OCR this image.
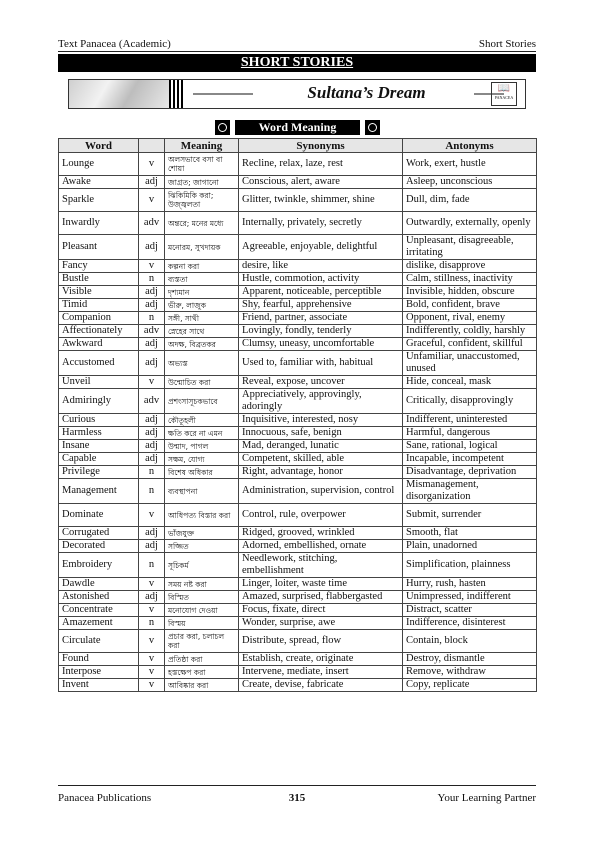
Text Panacea (Academic)	Short Stories
SHORT STORIES
Sultana’s Dream	📖
PANACEA
Word Meaning
Word		Meaning	Synonyms	Antonyms
Lounge	v	অলসভাবে বসা বা শোয়া	Recline, relax, laze, rest	Work, exert, hustle
Awake	adj	জাগ্রত; জাগানো	Conscious, alert, aware	Asleep, unconscious
Sparkle	v	ঝিকিমিকি করা; উজ্জ্বলতা	Glitter, twinkle, shimmer, shine	Dull, dim, fade
Inwardly	adv	অন্তরে; মনের মধ্যে	Internally, privately, secretly	Outwardly, externally, openly
Pleasant	adj	মনোরম, সুখদায়ক	Agreeable, enjoyable, delightful	Unpleasant, disagreeable, irritating
Fancy	v	কল্পনা করা	desire, like	dislike, disapprove
Bustle	n	ব্যস্ততা	Hustle, commotion, activity	Calm, stillness, inactivity
Visible	adj	দৃশ্যমান	Apparent, noticeable, perceptible	Invisible, hidden, obscure
Timid	adj	ভীরু, লাজুক	Shy, fearful, apprehensive	Bold, confident, brave
Companion	n	সঙ্গী, সাথী	Friend, partner, associate	Opponent, rival, enemy
Affectionately	adv	স্নেহের সাথে	Lovingly, fondly, tenderly	Indifferently, coldly, harshly
Awkward	adj	অদক্ষ, বিব্রতকর	Clumsy, uneasy, uncomfortable	Graceful, confident, skillful
Accustomed	adj	অভ্যস্ত	Used to, familiar with, habitual	Unfamiliar, unaccustomed, unused
Unveil	v	উন্মোচিত করা	Reveal, expose, uncover	Hide, conceal, mask
Admiringly	adv	প্রশংসাসূচকভাবে	Appreciatively, approvingly, adoringly	Critically, disapprovingly
Curious	adj	কৌতূহলী	Inquisitive, interested, nosy	Indifferent, uninterested
Harmless	adj	ক্ষতি করে না এমন	Innocuous, safe, benign	Harmful, dangerous
Insane	adj	উন্মাদ, পাগল	Mad, deranged, lunatic	Sane, rational, logical
Capable	adj	সক্ষম, যোগ্য	Competent, skilled, able	Incapable, incompetent
Privilege	n	বিশেষ অধিকার	Right, advantage, honor	Disadvantage, deprivation
Management	n	ব্যবস্থাপনা	Administration, supervision, control	Mismanagement, disorganization
Dominate	v	আধিপত্য বিস্তার করা	Control, rule, overpower	Submit, surrender
Corrugated	adj	ভাঁজযুক্ত	Ridged, grooved, wrinkled	Smooth, flat
Decorated	adj	সজ্জিত	Adorned, embellished, ornate	Plain, unadorned
Embroidery	n	সূচিকর্ম	Needlework, stitching, embellishment	Simplification, plainness
Dawdle	v	সময় নষ্ট করা	Linger, loiter, waste time	Hurry, rush, hasten
Astonished	adj	বিস্মিত	Amazed, surprised, flabbergasted	Unimpressed, indifferent
Concentrate	v	মনোযোগ দেওয়া	Focus, fixate, direct	Distract, scatter
Amazement	n	বিস্ময়	Wonder, surprise, awe	Indifference, disinterest
Circulate	v	প্রচার করা, চলাচল করা	Distribute, spread, flow	Contain, block
Found	v	প্রতিষ্ঠা করা	Establish, create, originate	Destroy, dismantle
Interpose	v	হস্তক্ষেপ করা	Intervene, mediate, insert	Remove, withdraw
Invent	v	আবিষ্কার করা	Create, devise, fabricate	Copy, replicate
Panacea Publications	315	Your Learning Partner
